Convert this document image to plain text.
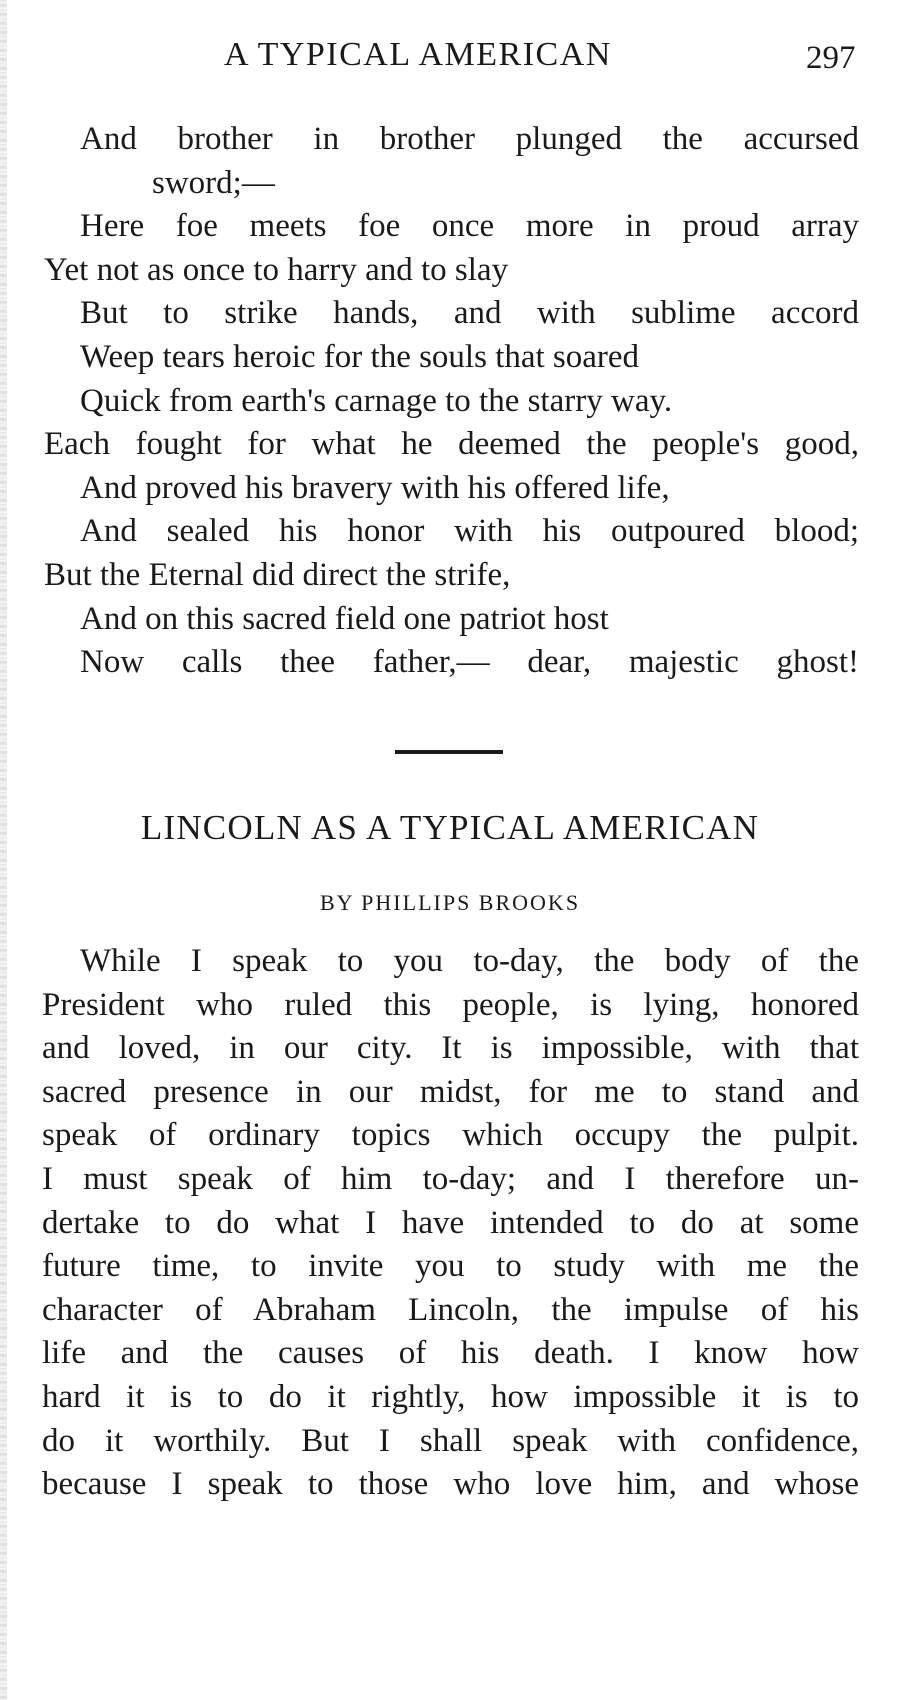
A TYPICAL AMERICAN	297
And brother in brother plunged the accursed
sword;—
Here foe meets foe once more in proud array
Yet not as once to harry and to slay
But to strike hands, and with sublime accord
Weep tears heroic for the souls that soared
Quick from earth's carnage to the starry way.
Each fought for what he deemed the people's good,
And proved his bravery with his offered life,
And sealed his honor with his outpoured blood;
But the Eternal did direct the strife,
And on this sacred field one patriot host
Now calls thee father,— dear, majestic ghost!
LINCOLN AS A TYPICAL AMERICAN
BY PHILLIPS BROOKS
While I speak to you to-day, the body of the
President who ruled this people, is lying, honored
and loved, in our city. It is impossible, with that
sacred presence in our midst, for me to stand and
speak of ordinary topics which occupy the pulpit.
I must speak of him to-day; and I therefore un-
dertake to do what I have intended to do at some
future time, to invite you to study with me the
character of Abraham Lincoln, the impulse of his
life and the causes of his death. I know how
hard it is to do it rightly, how impossible it is to
do it worthily. But I shall speak with confidence,
because I speak to those who love him, and whose
